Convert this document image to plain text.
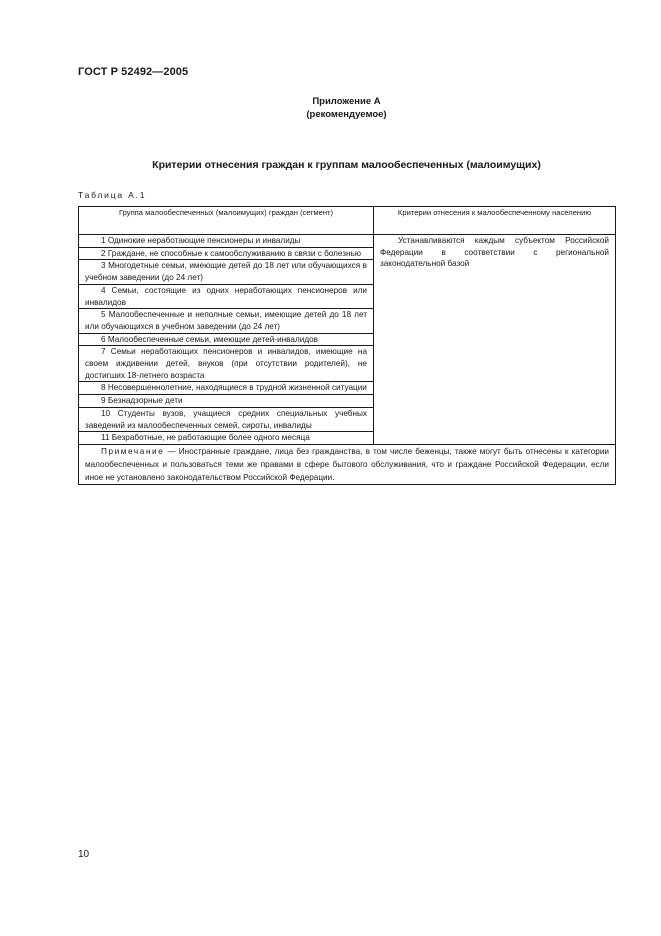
ГОСТ Р 52492—2005
Приложение А
(рекомендуемое)
Критерии отнесения граждан к группам малообеспеченных (малоимущих)
Таблица А.1
Группа малообеспеченных (малоимущих) граждан (сегмент)	Критерии отнесения к малообеспеченному населению

1 Одинокие неработающие пенсионеры и инвалиды	Устанавливаются каждым субъектом Российской Федерации в соответствии с региональной законодательной базой

2 Граждане, не способные к самообслуживанию в связи с болезнью	

3 Многодетные семьи, имеющие детей до 18 лет или обучающихся в учебном заведении (до 24 лет)	

4 Семьи, состоящие из одних неработающих пенсионеров или инвалидов	

5 Малообеспеченные и неполные семьи, имеющие детей до 18 лет или обучающихся в учебном заведении (до 24 лет)	

6 Малообеспеченные семьи, имеющие детей-инвалидов	

7 Семьи неработающих пенсионеров и инвалидов, имеющие на своем иждивении детей, внуков (при отсутствии родителей), не достигших 18-летнего возраста	

8 Несовершеннолетние, находящиеся в трудной жизненной ситуации	

9 Безнадзорные дети	

10 Студенты вузов, учащиеся средних специальных учебных заведений из малообеспеченных семей, сироты, инвалиды	

11 Безработные, не работающие более одного месяца	

Примечание — Иностранные граждане, лица без гражданства, в том числе беженцы, также могут быть отнесены к категории малообеспеченных и пользоваться теми же правами в сфере бытового обслуживания, что и граждане Российской Федерации, если иное не установлено законодательством Российской Федерации.	
10
